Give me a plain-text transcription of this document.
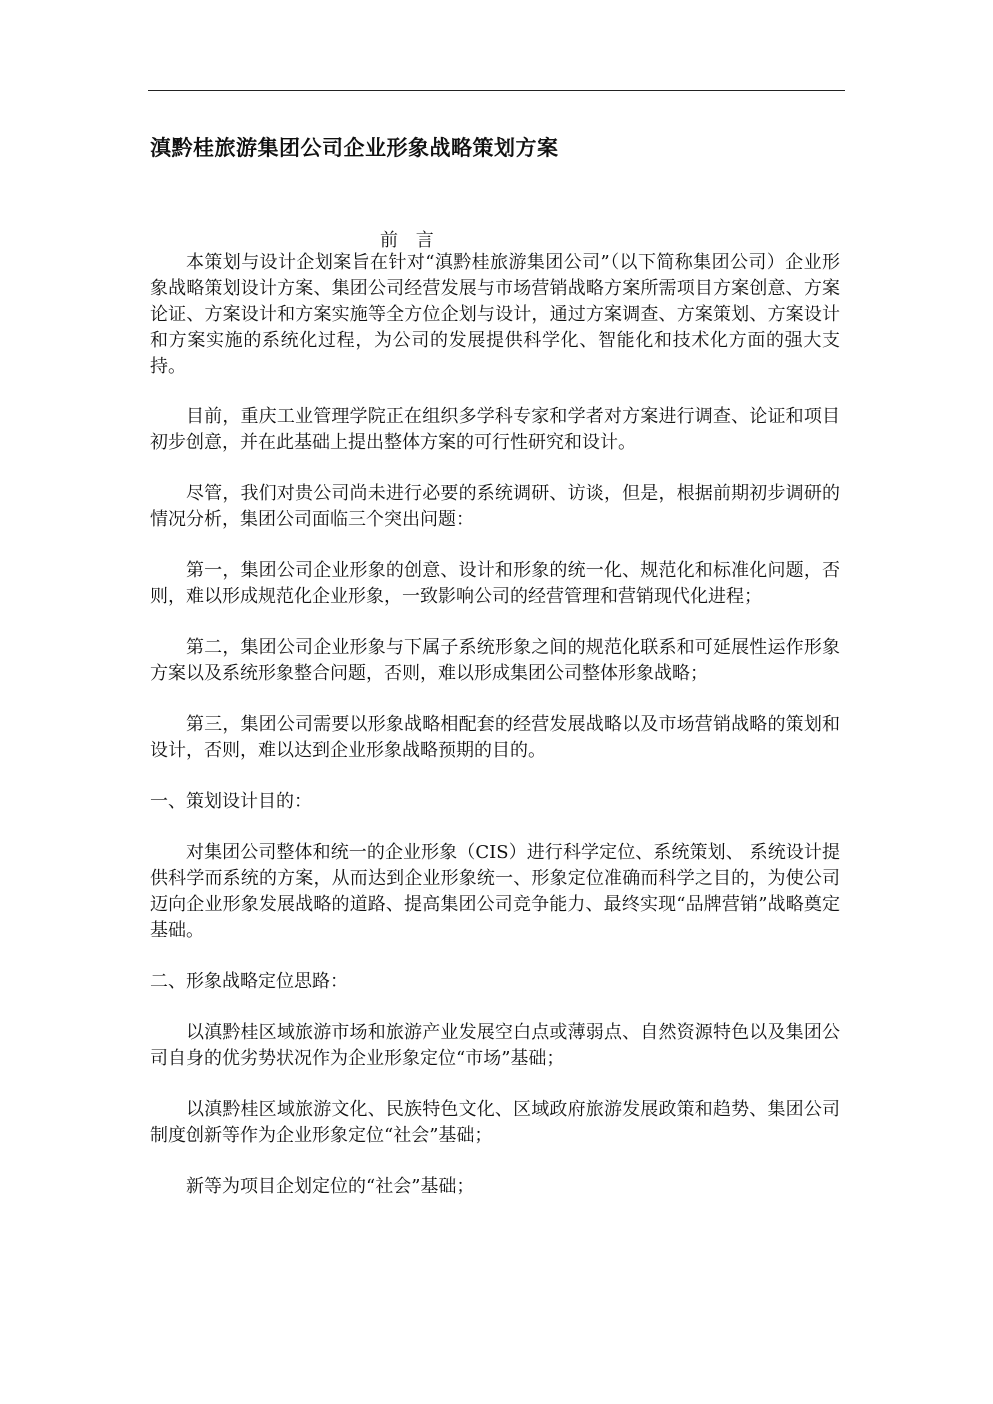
滇黔桂旅游集团公司企业形象战略策划方案
前 言

本策划与设计企划案旨在针对“滇黔桂旅游集团公司”（以下简称集团公司）企业形象战略策划设计方案、集团公司经营发展与市场营销战略方案所需项目方案创意、方案论证、方案设计和方案实施等全方位企划与设计，通过方案调查、方案策划、方案设计和方案实施的系统化过程，为公司的发展提供科学化、智能化和技术化方面的强大支持。

目前，重庆工业管理学院正在组织多学科专家和学者对方案进行调查、论证和项目初步创意，并在此基础上提出整体方案的可行性研究和设计。

尽管，我们对贵公司尚未进行必要的系统调研、访谈，但是，根据前期初步调研的情况分析，集团公司面临三个突出问题：

第一，集团公司企业形象的创意、设计和形象的统一化、规范化和标准化问题，否则，难以形成规范化企业形象，一致影响公司的经营管理和营销现代化进程；

第二，集团公司企业形象与下属子系统形象之间的规范化联系和可延展性运作形象方案以及系统形象整合问题，否则，难以形成集团公司整体形象战略；

第三，集团公司需要以形象战略相配套的经营发展战略以及市场营销战略的策划和设计，否则，难以达到企业形象战略预期的目的。

一、策划设计目的：

对集团公司整体和统一的企业形象（CIS）进行科学定位、系统策划、 系统设计提供科学而系统的方案，从而达到企业形象统一、形象定位准确而科学之目的，为使公司迈向企业形象发展战略的道路、提高集团公司竞争能力、最终实现“品牌营销”战略奠定基础。

二、形象战略定位思路：

以滇黔桂区域旅游市场和旅游产业发展空白点或薄弱点、自然资源特色以及集团公司自身的优劣势状况作为企业形象定位“市场”基础；

以滇黔桂区域旅游文化、民族特色文化、区域政府旅游发展政策和趋势、集团公司制度创新等作为企业形象定位“社会”基础；

新等为项目企划定位的“社会”基础；
